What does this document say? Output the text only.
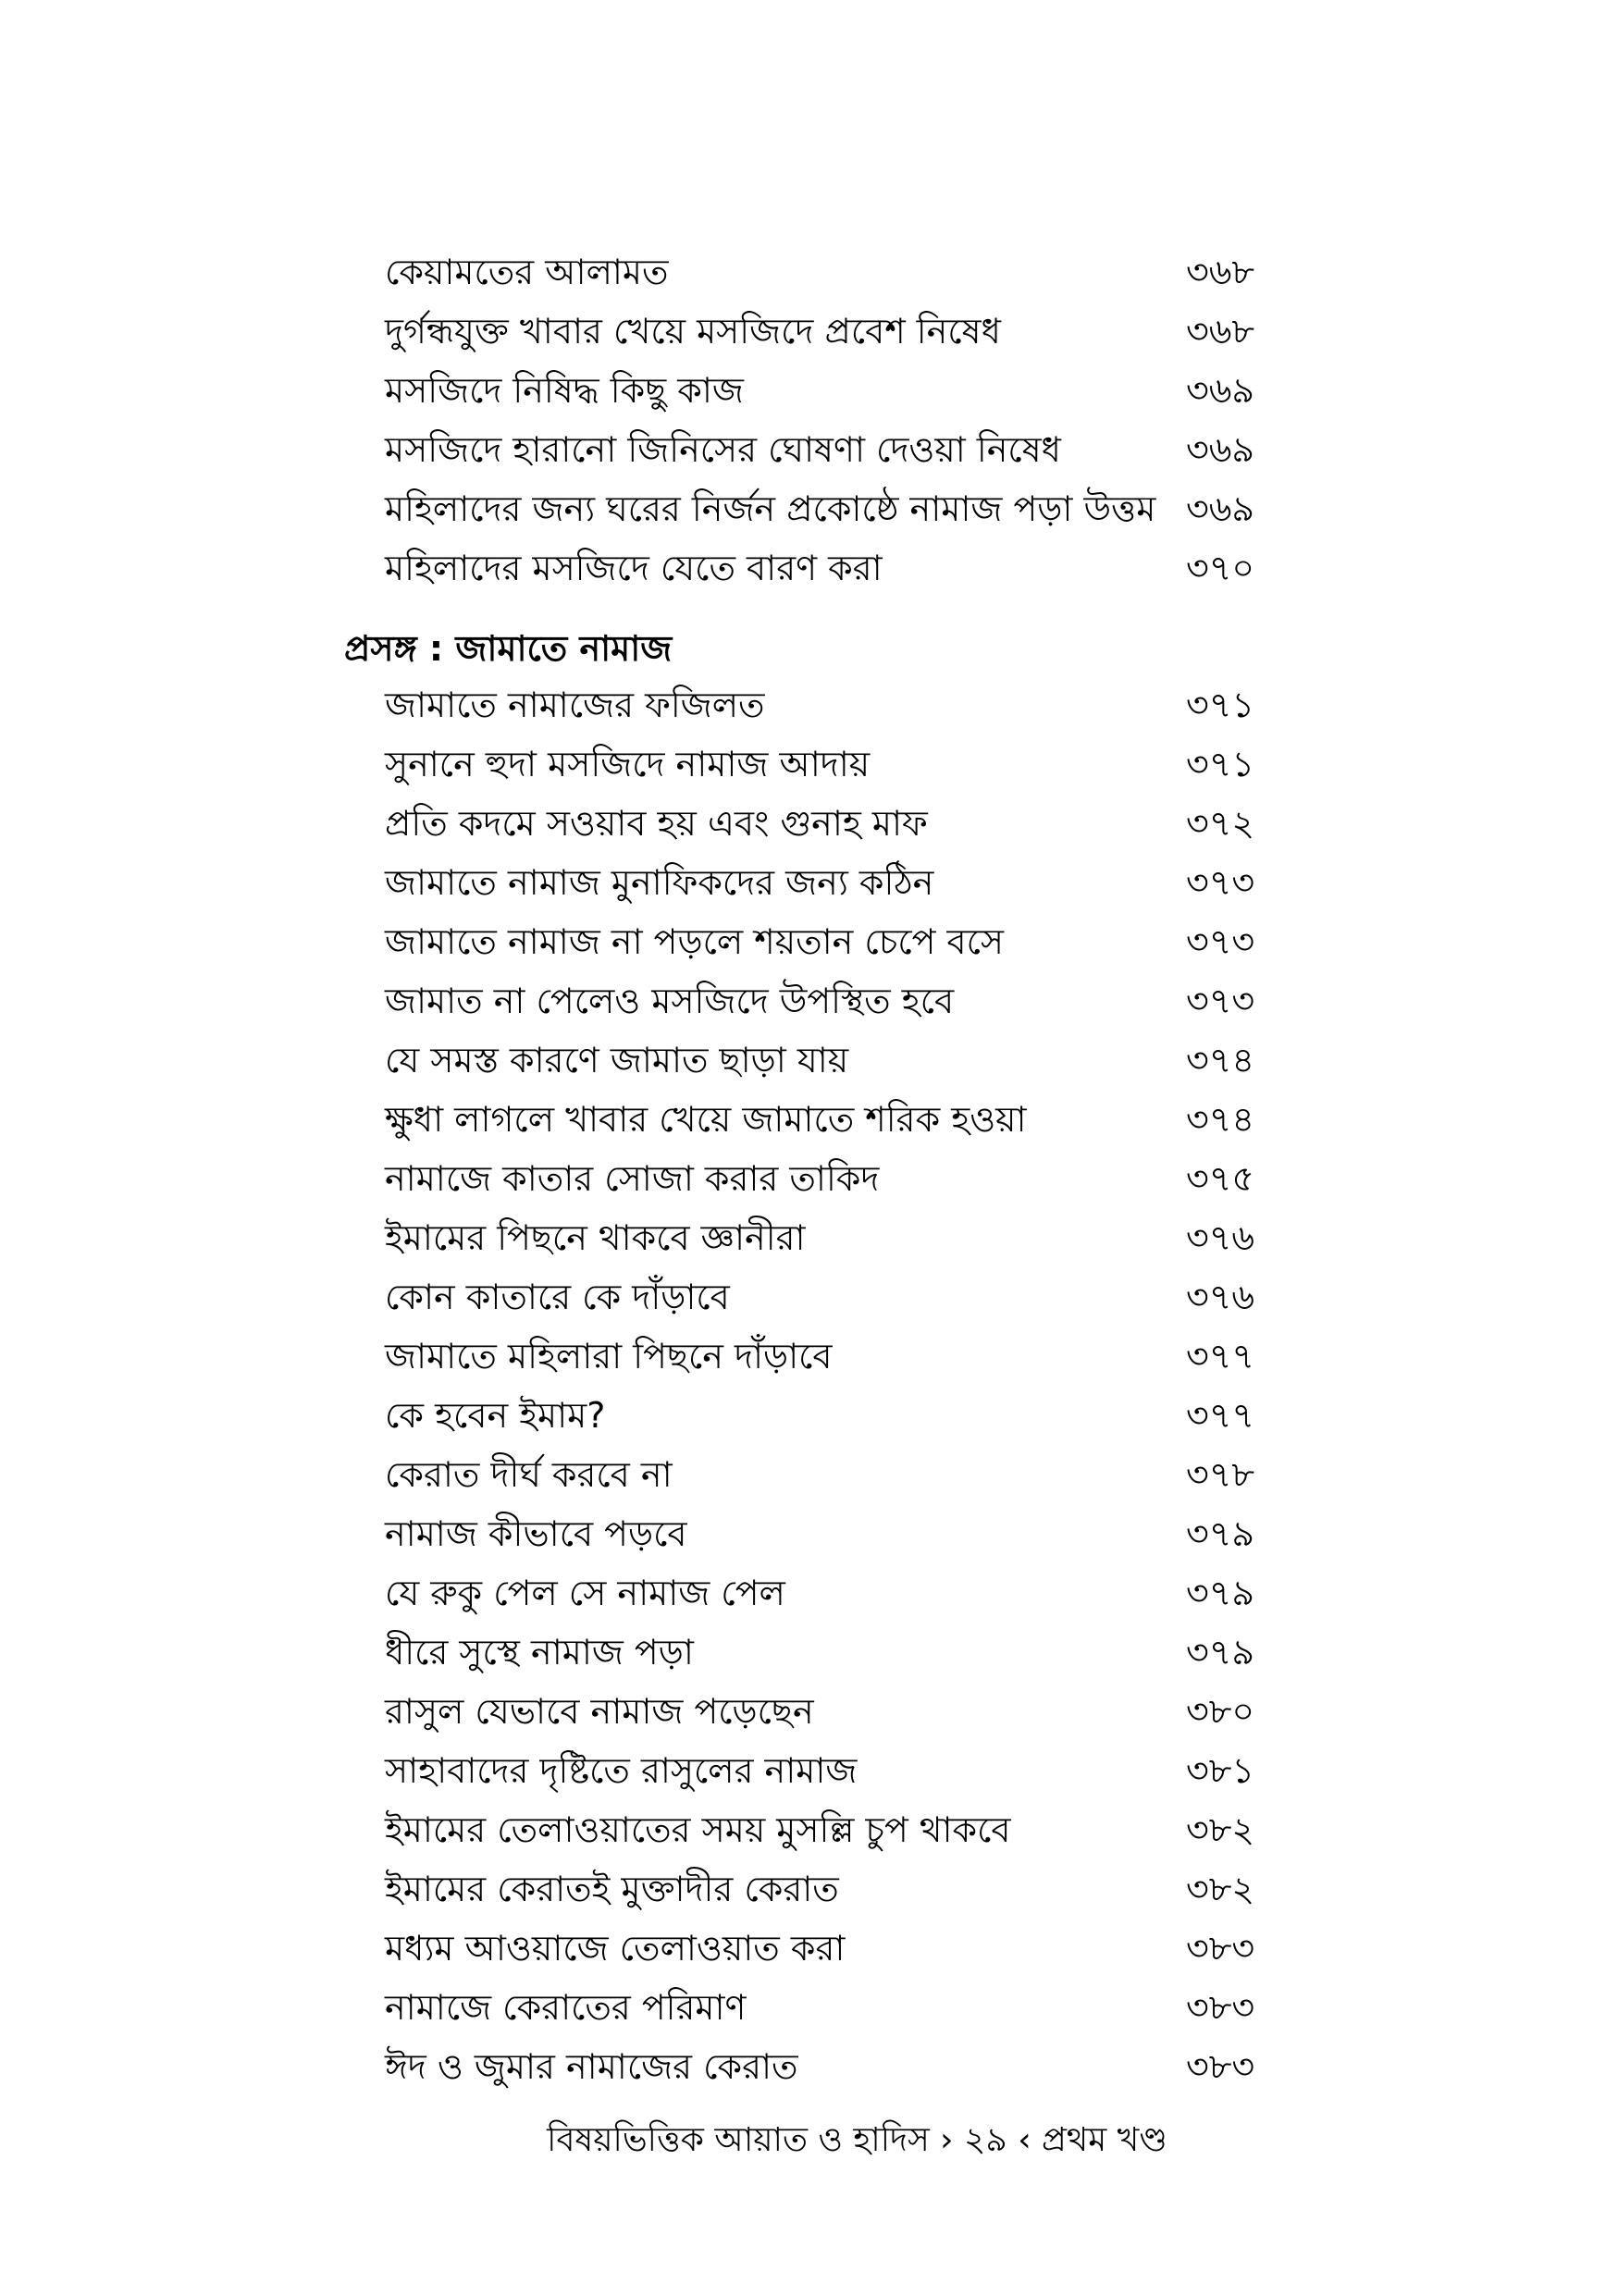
কেয়ামতের আলামত	৩৬৮
দুর্গন্ধযুক্ত খাবার খেয়ে মসজিদে প্রবেশ নিষেধ	৩৬৮
মসজিদে নিষিদ্ধ কিছু কাজ	৩৬৯
মসজিদে হারানো জিনিসের ঘোষণা দেওয়া নিষেধ	৩৬৯
মহিলাদের জন্য ঘরের নির্জন প্রকোষ্ঠে নামাজ পড়া উত্তম ৩৬৯
মহিলাদের মসজিদে যেতে বারণ করা	৩৭০
প্রসঙ্গ : জামাতে নামাজ
জামাতে নামাজের ফজিলত	৩৭১
সুনানে হুদা মসজিদে নামাজ আদায়	৩৭১
প্রতি কদমে সওয়াব হয় এবং গুনাহ মাফ	৩৭২
জামাতে নামাজ মুনাফিকদের জন্য কঠিন	৩৭৩
জামাতে নামাজ না পড়লে শয়তান চেপে বসে	৩৭৩
জামাত না পেলেও মসজিদে উপস্থিত হবে	৩৭৩
যে সমস্ত কারণে জামাত ছাড়া যায়	৩৭৪
ক্ষুধা লাগলে খাবার খেয়ে জামাতে শরিক হওয়া	৩৭৪
নামাজে কাতার সোজা করার তাকিদ	৩৭৫
ইমামের পিছনে থাকবে জ্ঞানীরা	৩৭৬
কোন কাতারে কে দাঁড়াবে	৩৭৬
জামাতে মহিলারা পিছনে দাঁড়াবে	৩৭৭
কে হবেন ইমাম?	৩৭৭
কেরাত দীর্ঘ করবে না	৩৭৮
নামাজ কীভাবে পড়বে	৩৭৯
যে রুকু পেল সে নামাজ পেল	৩৭৯
ধীরে সুস্থে নামাজ পড়া	৩৭৯
রাসুল যেভাবে নামাজ পড়েছেন	৩৮০
সাহাবাদের দৃষ্টিতে রাসুলের নামাজ	৩৮১
ইমামের তেলাওয়াতের সময় মুসল্লি চুপ থাকবে	৩৮২
ইমামের কেরাতই মুক্তাদীর কেরাত	৩৮২
মধ্যম আওয়াজে তেলাওয়াত করা	৩৮৩
নামাজে কেরাতের পরিমাণ	৩৮৩
ঈদ ও জুমার নামাজের কেরাত	৩৮৩
বিষয়ভিত্তিক আয়াত ও হাদিস › ২৯ ‹ প্রথম খণ্ড
